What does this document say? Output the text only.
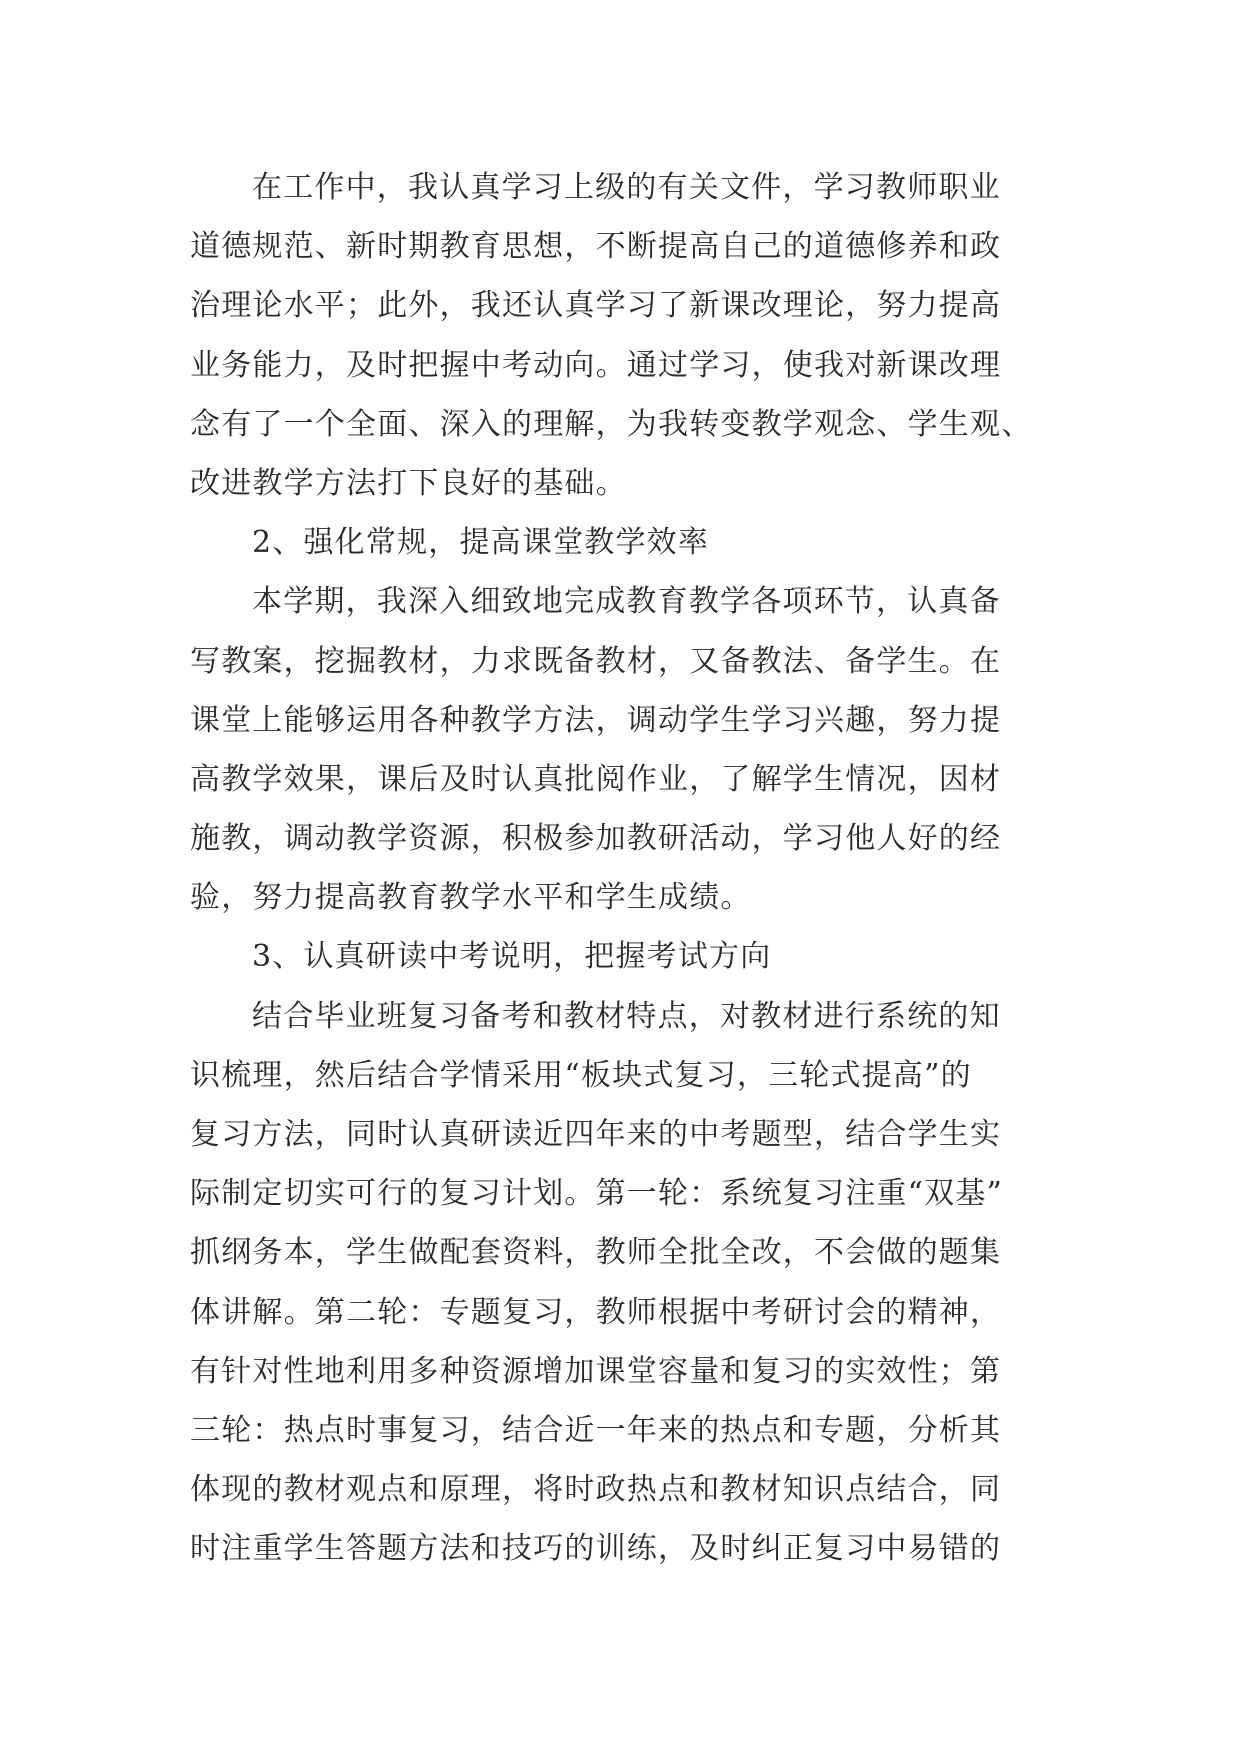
在工作中，我认真学习上级的有关文件，学习教师职业
道德规范、新时期教育思想，不断提高自己的道德修养和政
治理论水平；此外，我还认真学习了新课改理论，努力提高
业务能力，及时把握中考动向。通过学习，使我对新课改理
念有了一个全面、深入的理解，为我转变教学观念、学生观、
改进教学方法打下良好的基础。
2、强化常规，提高课堂教学效率
本学期，我深入细致地完成教育教学各项环节，认真备
写教案，挖掘教材，力求既备教材，又备教法、备学生。在
课堂上能够运用各种教学方法，调动学生学习兴趣，努力提
高教学效果，课后及时认真批阅作业，了解学生情况，因材
施教，调动教学资源，积极参加教研活动，学习他人好的经
验，努力提高教育教学水平和学生成绩。
3、认真研读中考说明，把握考试方向
结合毕业班复习备考和教材特点，对教材进行系统的知
识梳理，然后结合学情采用“板块式复习，三轮式提高”的
复习方法，同时认真研读近四年来的中考题型，结合学生实
际制定切实可行的复习计划。第一轮：系统复习注重“双基”
抓纲务本，学生做配套资料，教师全批全改，不会做的题集
体讲解。第二轮：专题复习，教师根据中考研讨会的精神，
有针对性地利用多种资源增加课堂容量和复习的实效性；第
三轮：热点时事复习，结合近一年来的热点和专题，分析其
体现的教材观点和原理，将时政热点和教材知识点结合，同
时注重学生答题方法和技巧的训练，及时纠正复习中易错的
